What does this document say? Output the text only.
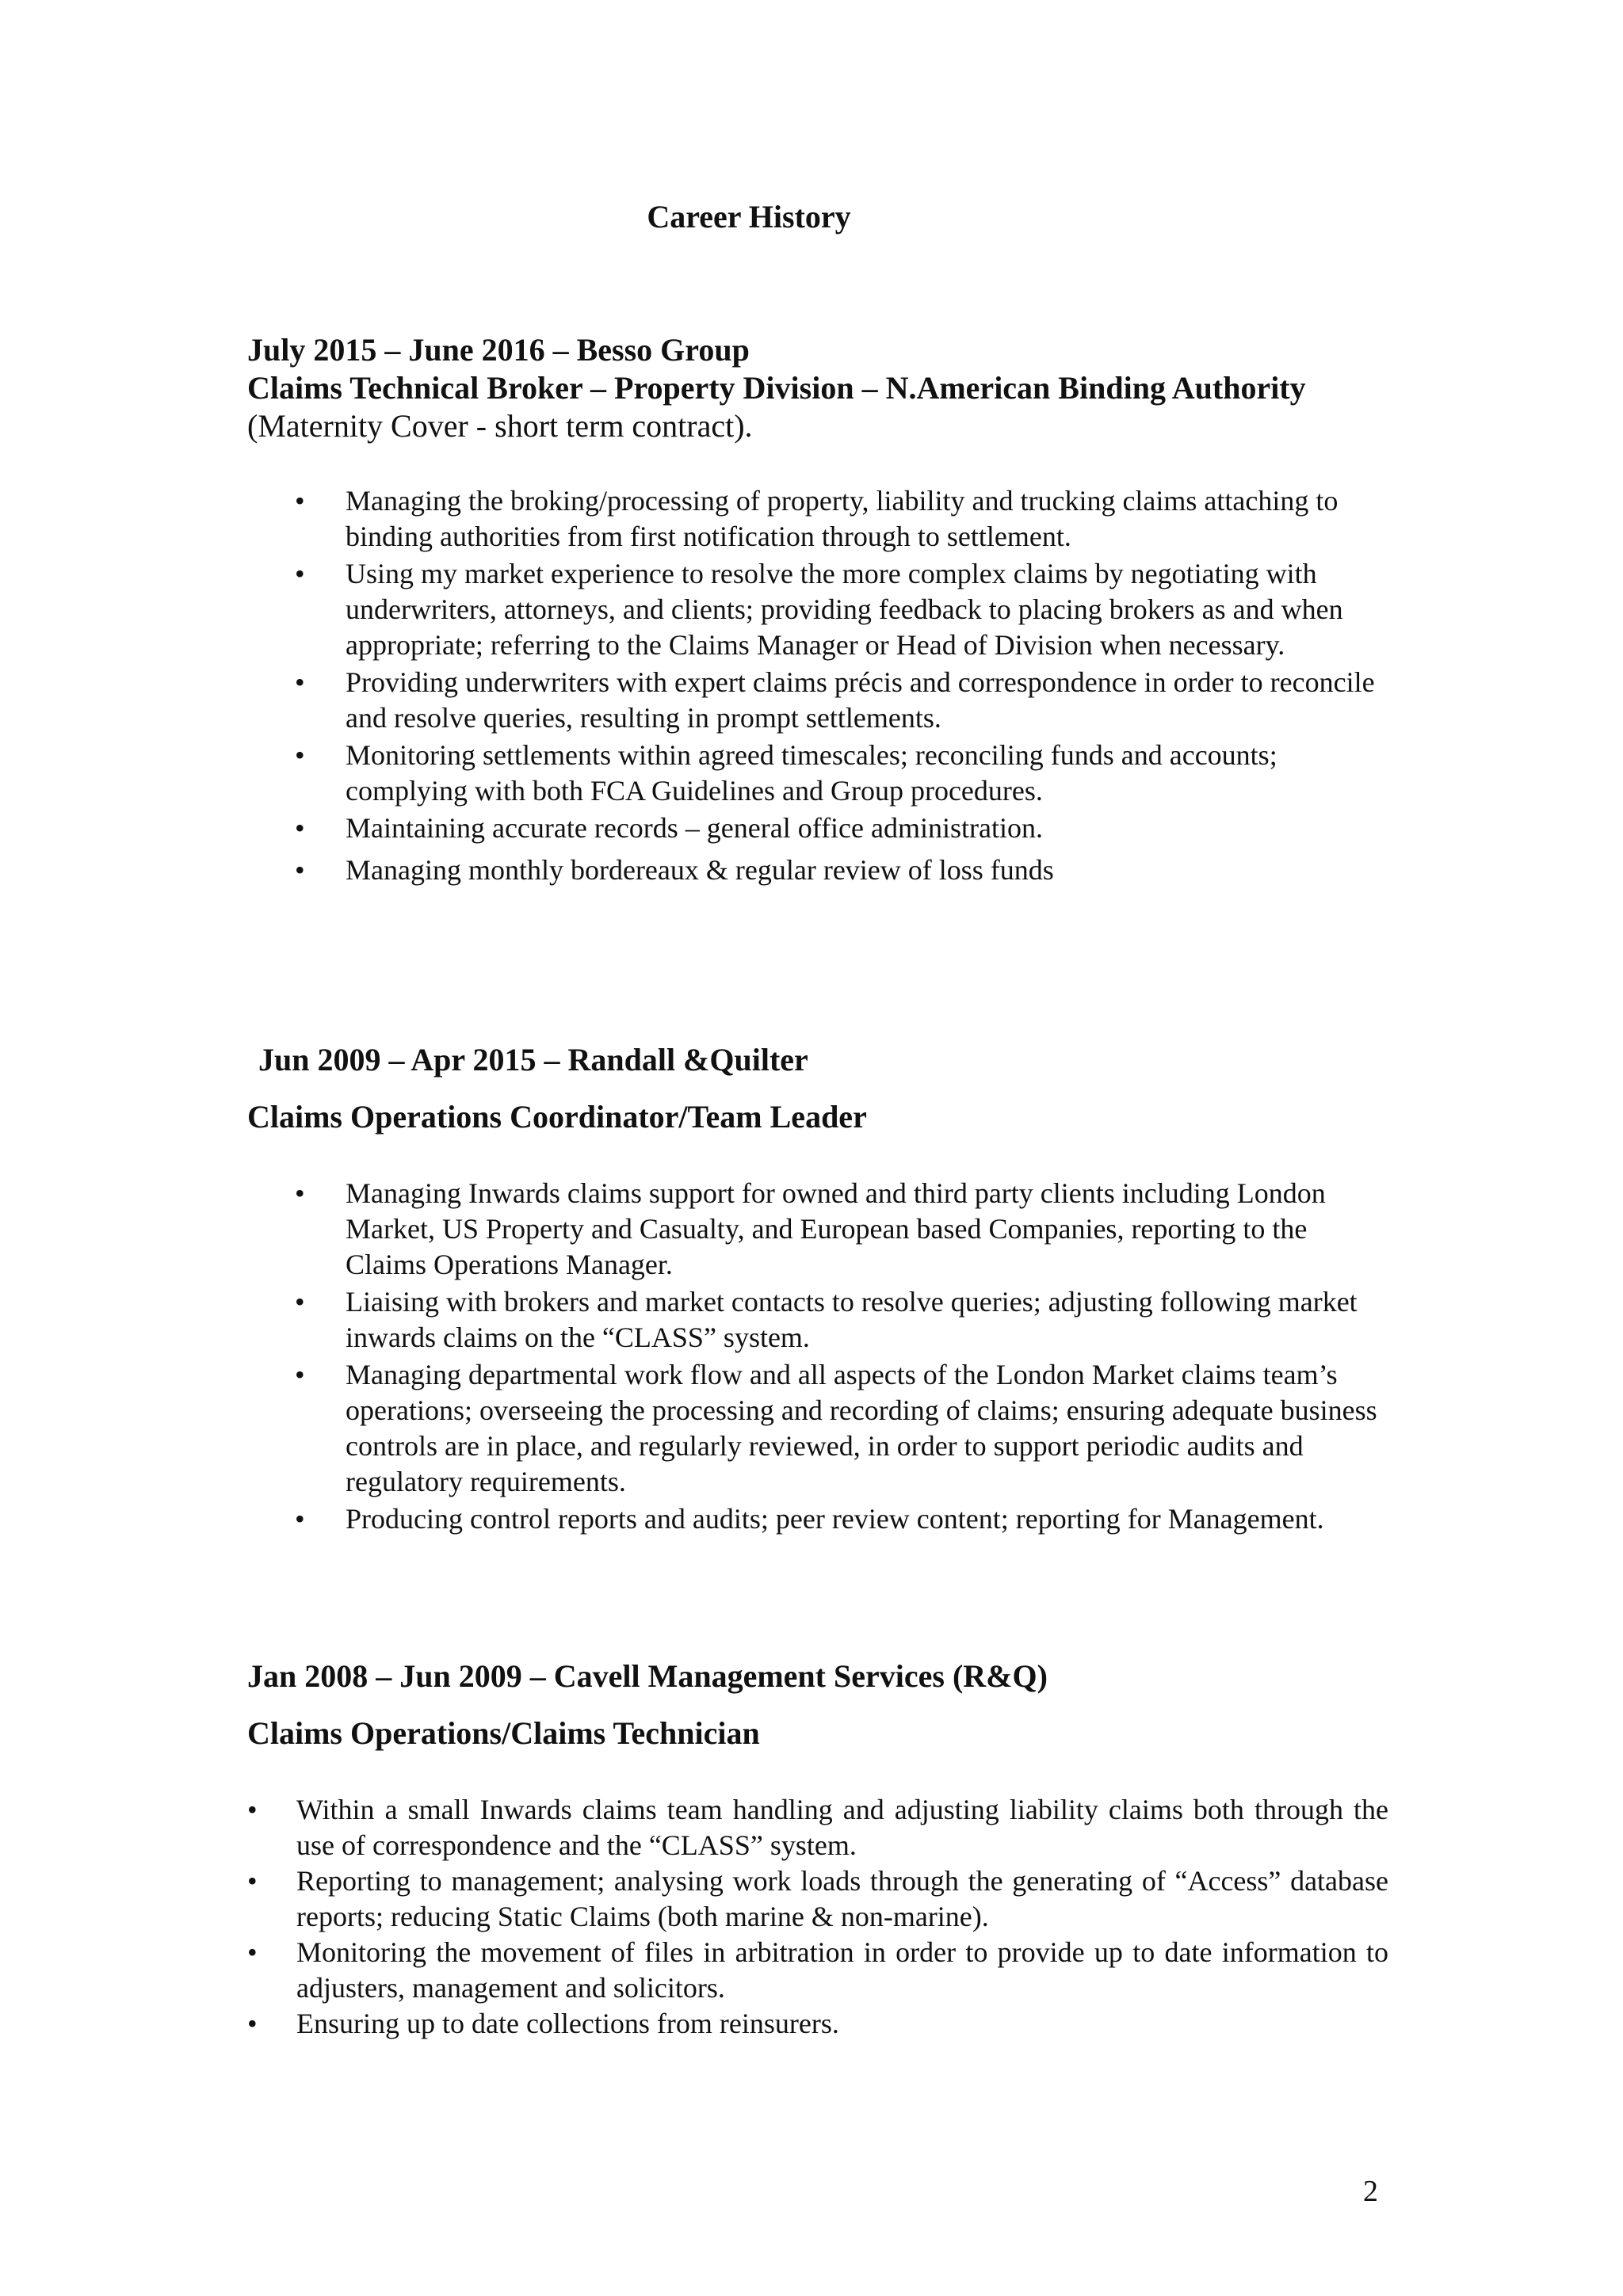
Career History

July 2015 – June 2016 – Besso Group

Claims Technical Broker – Property Division – N.American Binding Authority

(Maternity Cover - short term contract).

• Managing the broking/processing of property, liability and trucking claims attaching to binding authorities from first notification through to settlement.
• Using my market experience to resolve the more complex claims by negotiating with underwriters, attorneys, and clients; providing feedback to placing brokers as and when appropriate; referring to the Claims Manager or Head of Division when necessary.
• Providing underwriters with expert claims précis and correspondence in order to reconcile and resolve queries, resulting in prompt settlements.
• Monitoring settlements within agreed timescales; reconciling funds and accounts; complying with both FCA Guidelines and Group procedures.
• Maintaining accurate records – general office administration.
• Managing monthly bordereaux & regular review of loss funds

Jun 2009 – Apr 2015 – Randall &Quilter

Claims Operations Coordinator/Team Leader

• Managing Inwards claims support for owned and third party clients including London Market, US Property and Casualty, and European based Companies, reporting to the Claims Operations Manager.
• Liaising with brokers and market contacts to resolve queries; adjusting following market inwards claims on the “CLASS” system.
• Managing departmental work flow and all aspects of the London Market claims team’s operations; overseeing the processing and recording of claims; ensuring adequate business controls are in place, and regularly reviewed, in order to support periodic audits and regulatory requirements.
• Producing control reports and audits; peer review content; reporting for Management.

Jan 2008 – Jun 2009 – Cavell Management Services (R&Q)

Claims Operations/Claims Technician

• Within a small Inwards claims team handling and adjusting liability claims both through the use of correspondence and the “CLASS” system.
• Reporting to management; analysing work loads through the generating of “Access” database reports; reducing Static Claims (both marine & non-marine).
• Monitoring the movement of files in arbitration in order to provide up to date information to adjusters, management and solicitors.
• Ensuring up to date collections from reinsurers.
2
